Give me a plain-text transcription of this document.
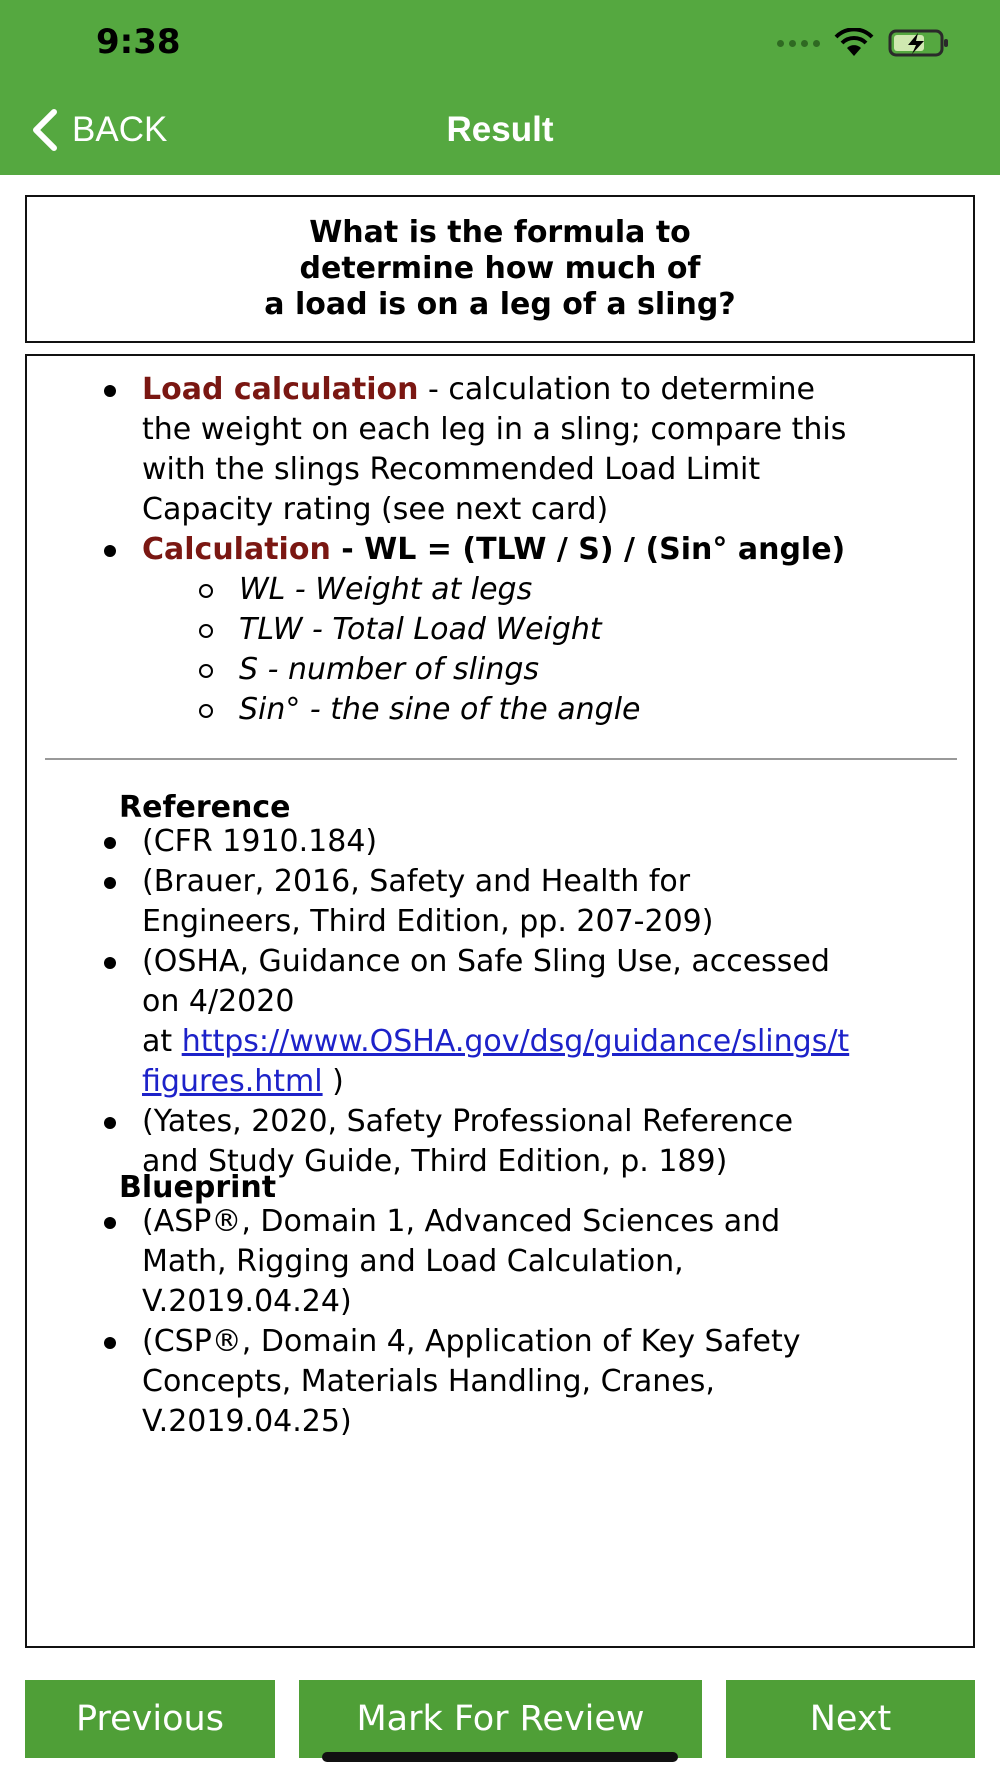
9:38
BACK	Result
What is the formula to
determine how much of
a load is on a leg of a sling?
Load calculation - calculation to determine
the weight on each leg in a sling; compare this
with the slings Recommended Load Limit
Capacity rating (see next card)
Calculation - WL = (TLW / S) / (Sin° angle)
WL - Weight at legs
TLW - Total Load Weight
S - number of slings
Sin° - the sine of the angle
Reference
(CFR 1910.184)
(Brauer, 2016, Safety and Health for
Engineers, Third Edition, pp. 207-209)
(OSHA, Guidance on Safe Sling Use, accessed
on 4/2020
at https://www.OSHA.gov/dsg/guidance/slings/t
figures.html )
(Yates, 2020, Safety Professional Reference
and Study Guide, Third Edition, p. 189)
Blueprint
(ASP®, Domain 1, Advanced Sciences and
Math, Rigging and Load Calculation,
V.2019.04.24)
(CSP®, Domain 4, Application of Key Safety
Concepts, Materials Handling, Cranes,
V.2019.04.25)
Previous	Mark For Review	Next
